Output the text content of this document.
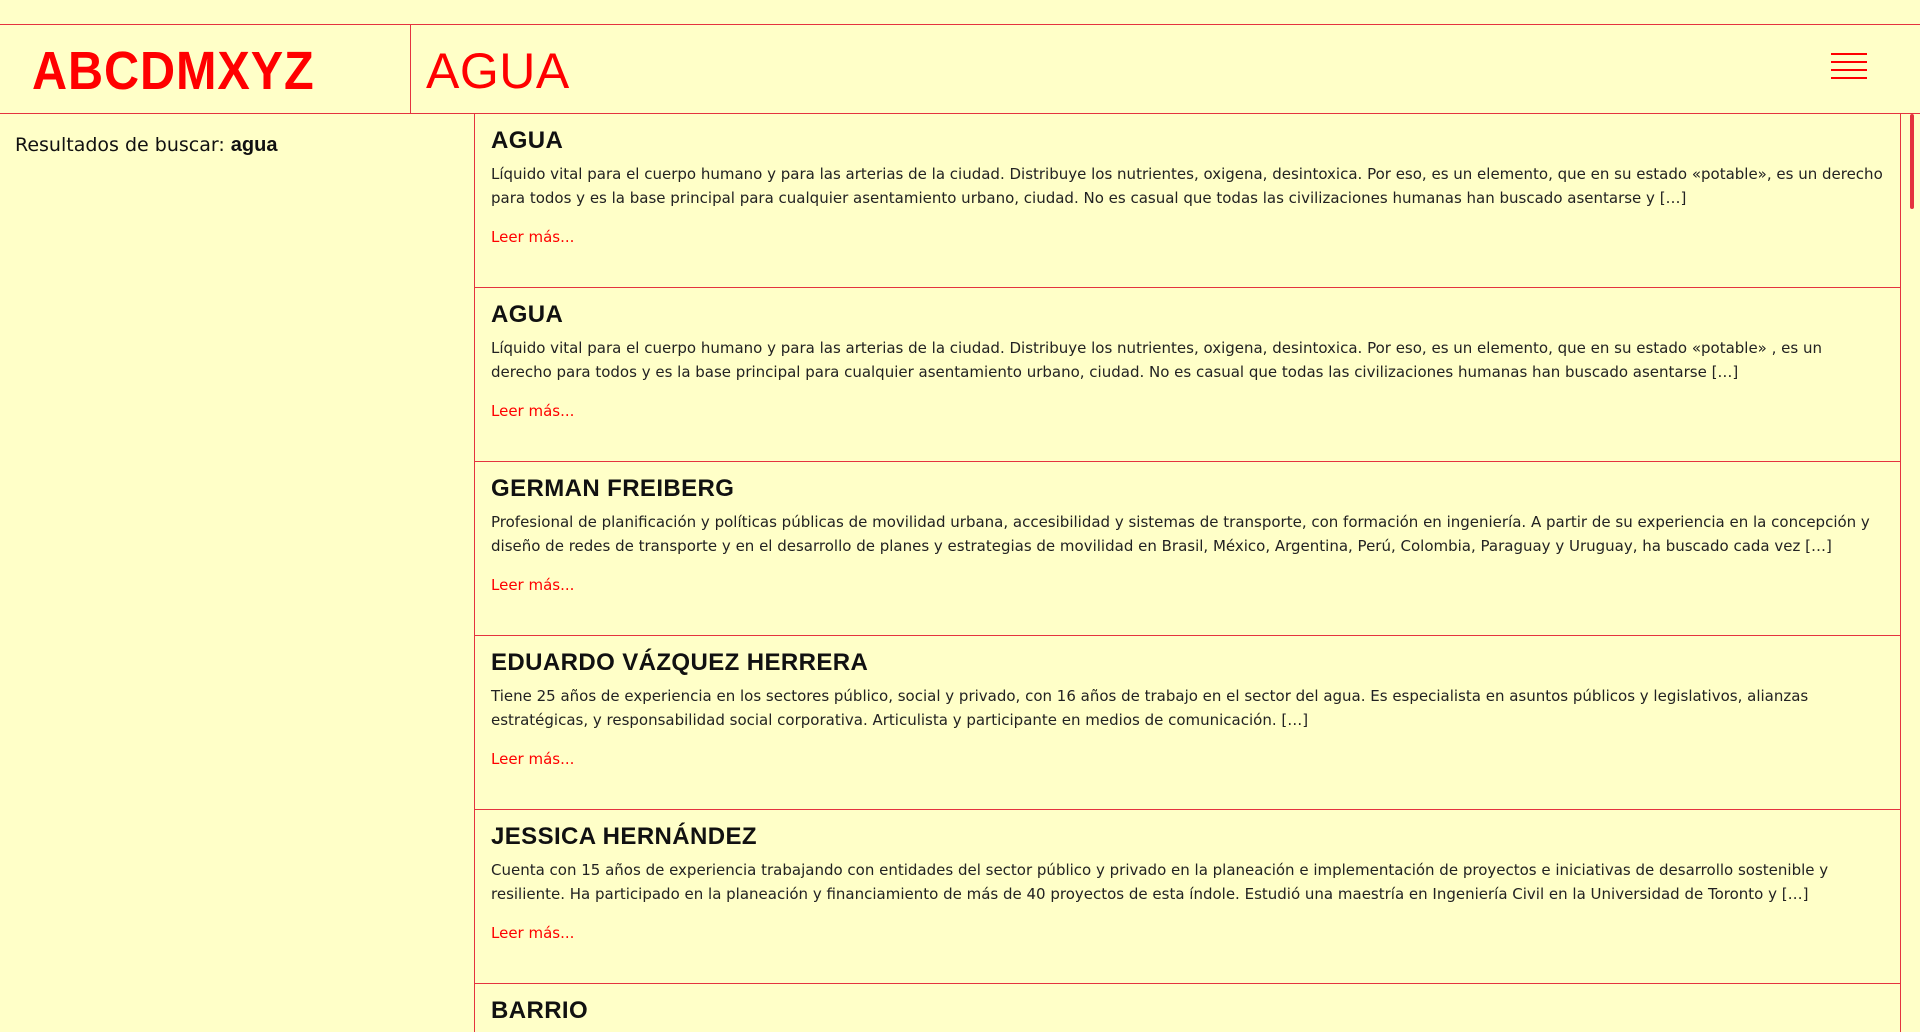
ABCDMXYZ AGUA
Resultados de buscar: agua	AGUA

Líquido vital para el cuerpo humano y para las arterias de la ciudad. Distribuye los nutrientes, oxigena, desintoxica. Por eso, es un elemento, que en su estado «potable», es un derecho para todos y es la base principal para cualquier asentamiento urbano, ciudad. No es casual que todas las civilizaciones humanas han buscado asentarse y […]

Leer más...
AGUA

Líquido vital para el cuerpo humano y para las arterias de la ciudad. Distribuye los nutrientes, oxigena, desintoxica. Por eso, es un elemento, que en su estado «potable» , es un derecho para todos y es la base principal para cualquier asentamiento urbano, ciudad. No es casual que todas las civilizaciones humanas han buscado asentarse […]

Leer más...
GERMAN FREIBERG

Profesional de planificación y políticas públicas de movilidad urbana, accesibilidad y sistemas de transporte, con formación en ingeniería. A partir de su experiencia en la concepción y diseño de redes de transporte y en el desarrollo de planes y estrategias de movilidad en Brasil, México, Argentina, Perú, Colombia, Paraguay y Uruguay, ha buscado cada vez […]

Leer más...
EDUARDO VÁZQUEZ HERRERA

Tiene 25 años de experiencia en los sectores público, social y privado, con 16 años de trabajo en el sector del agua. Es especialista en asuntos públicos y legislativos, alianzas estratégicas, y responsabilidad social corporativa. Articulista y participante en medios de comunicación. […]

Leer más...
JESSICA HERNÁNDEZ

Cuenta con 15 años de experiencia trabajando con entidades del sector público y privado en la planeación e implementación de proyectos e iniciativas de desarrollo sostenible y resiliente. Ha participado en la planeación y financiamiento de más de 40 proyectos de esta índole. Estudió una maestría en Ingeniería Civil en la Universidad de Toronto y […]

Leer más...
BARRIO
